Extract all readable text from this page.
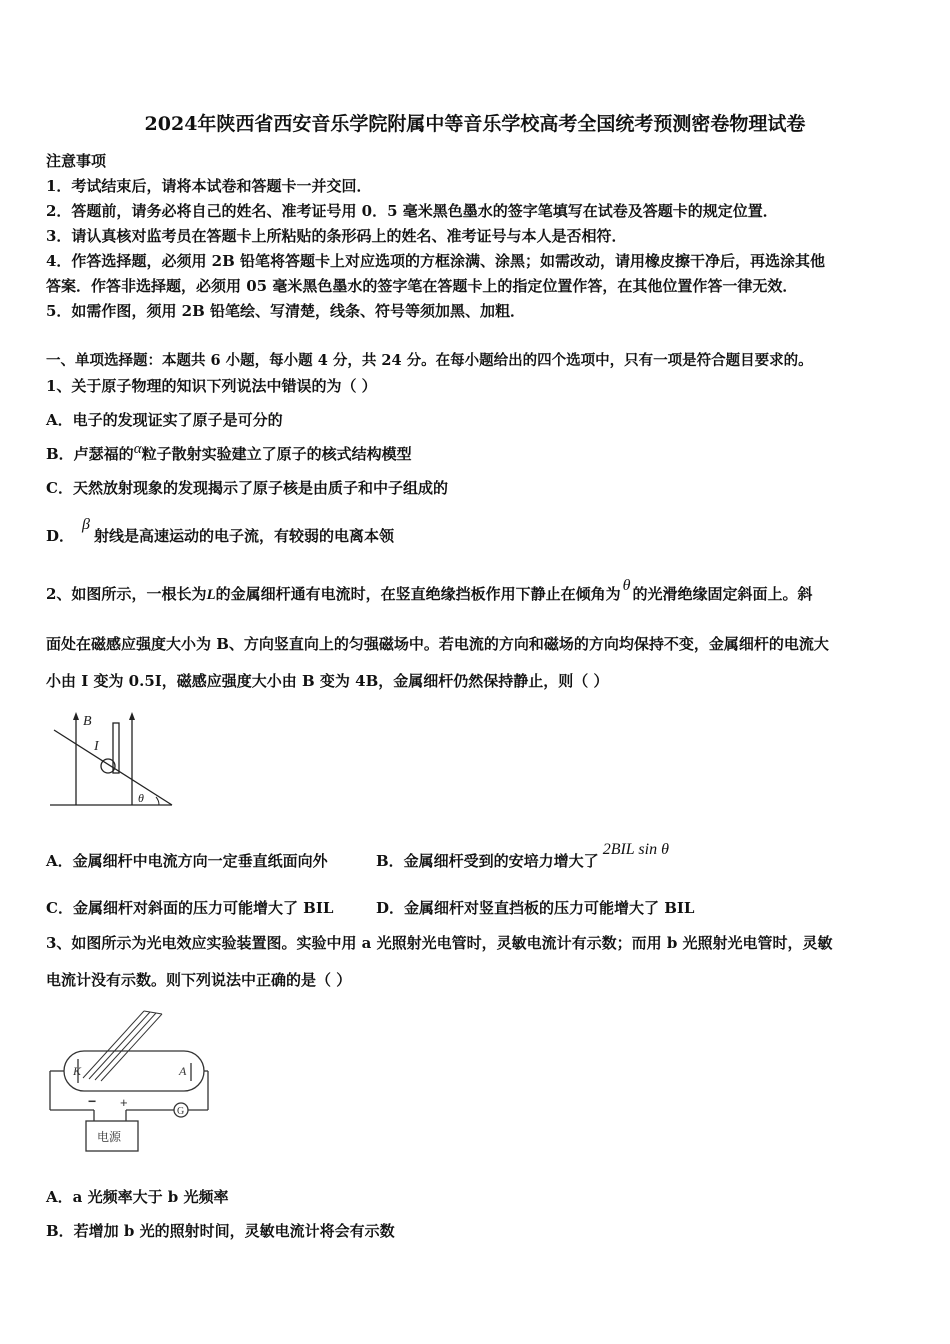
2024年陕西省西安音乐学院附属中等音乐学校高考全国统考预测密卷物理试卷
注意事项
1．考试结束后，请将本试卷和答题卡一并交回．
2．答题前，请务必将自己的姓名、准考证号用 0．5 毫米黑色墨水的签字笔填写在试卷及答题卡的规定位置．
3．请认真核对监考员在答题卡上所粘贴的条形码上的姓名、准考证号与本人是否相符．
4．作答选择题，必须用 2B 铅笔将答题卡上对应选项的方框涂满、涂黑；如需改动，请用橡皮擦干净后，再选涂其他
答案．作答非选择题，必须用 05 毫米黑色墨水的签字笔在答题卡上的指定位置作答，在其他位置作答一律无效．
5．如需作图，须用 2B 铅笔绘、写清楚，线条、符号等须加黑、加粗．
一、单项选择题：本题共 6 小题，每小题 4 分，共 24 分。在每小题给出的四个选项中，只有一项是符合题目要求的。
1、关于原子物理的知识下列说法中错误的为（ ）
A．电子的发现证实了原子是可分的
B．卢瑟福的α粒子散射实验建立了原子的核式结构模型
C．天然放射现象的发现揭示了原子核是由质子和中子组成的
D．β射线是高速运动的电子流，有较弱的电离本领
2、如图所示，一根长为L的金属细杆通有电流时，在竖直绝缘挡板作用下静止在倾角为 θ 的光滑绝缘固定斜面上。斜
面处在磁感应强度大小为 B、方向竖直向上的匀强磁场中。若电流的方向和磁场的方向均保持不变，金属细杆的电流大
小由 I 变为 0.5I，磁感应强度大小由 B 变为 4B，金属细杆仍然保持静止，则（ ）
B
I
θ
A．金属细杆中电流方向一定垂直纸面向外	B．金属细杆受到的安培力增大了2BIL sin θ
C．金属细杆对斜面的压力可能增大了 BIL	D．金属细杆对竖直挡板的压力可能增大了 BIL
3、如图所示为光电效应实验装置图。实验中用 a 光照射光电管时，灵敏电流计有示数；而用 b 光照射光电管时，灵敏
电流计没有示数。则下列说法中正确的是（ ）
K	A
G
− +
电源
A．a 光频率大于 b 光频率
B．若增加 b 光的照射时间，灵敏电流计将会有示数
